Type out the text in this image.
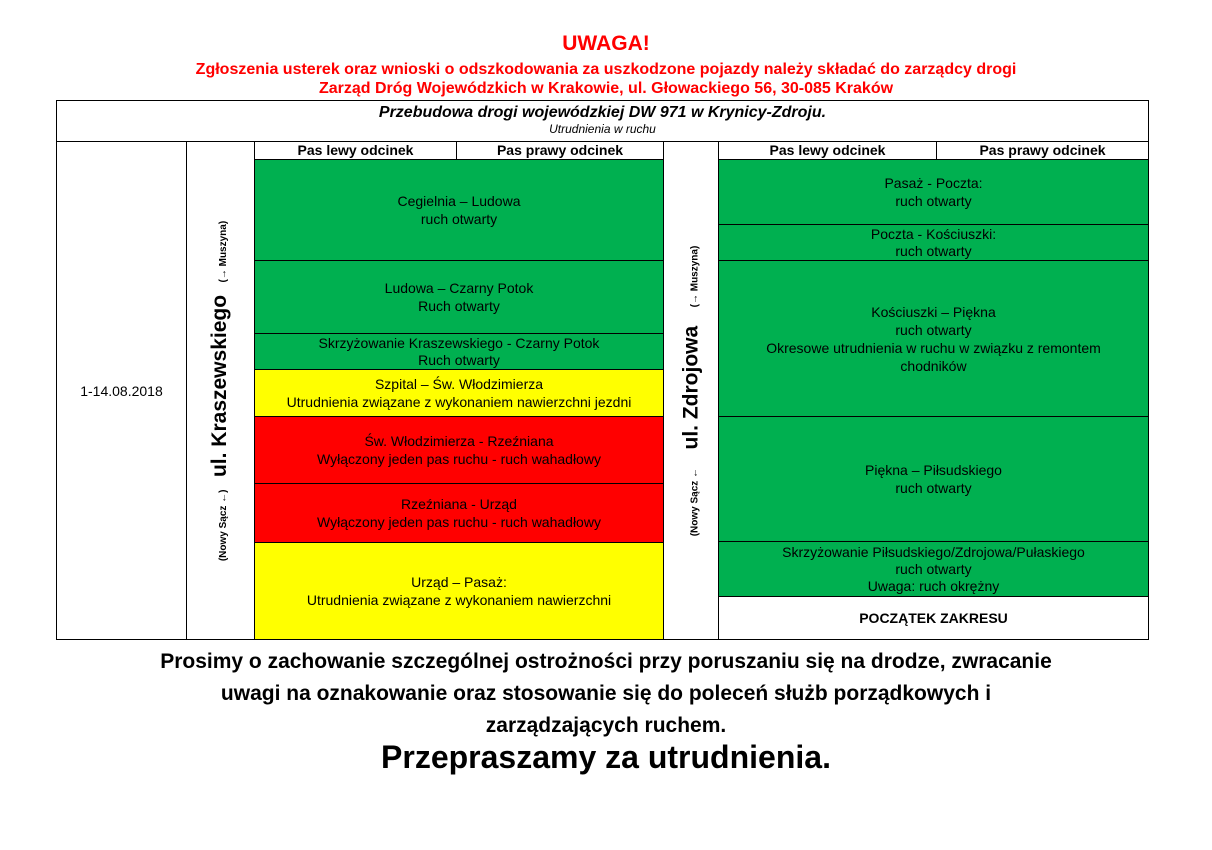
UWAGA!
Zgłoszenia usterek oraz wnioski o odszkodowania za uszkodzone pojazdy należy składać do zarządcy drogi
Zarząd Dróg Wojewódzkich w Krakowie, ul. Głowackiego 56, 30-085 Kraków
Przebudowa drogi wojewódzkiej DW 971 w Krynicy-Zdroju.
Utrudnienia w ruchu
1-14.08.2018
(Nowy Sącz ←) ul. Kraszewskiego (→ Muszyna)
Pas lewy odcinek	Pas prawy odcinek
Cegielnia – Ludowa
ruch otwarty
Ludowa – Czarny Potok
Ruch otwarty
Skrzyżowanie Kraszewskiego - Czarny Potok
Ruch otwarty
Szpital – Św. Włodzimierza
Utrudnienia związane z wykonaniem nawierzchni jezdni
Św. Włodzimierza - Rzeźniana
Wyłączony jeden pas ruchu - ruch wahadłowy
Rzeźniana - Urząd
Wyłączony jeden pas ruchu - ruch wahadłowy
Urząd – Pasaż:
Utrudnienia związane z wykonaniem nawierzchni
(Nowy Sącz ← ul. Zdrojowa (→ Muszyna)
Pas lewy odcinek	Pas prawy odcinek
Pasaż - Poczta:
ruch otwarty
Poczta - Kościuszki:
ruch otwarty
Kościuszki – Piękna
ruch otwarty
Okresowe utrudnienia w ruchu w związku z remontem
chodników
Piękna – Piłsudskiego
ruch otwarty
Skrzyżowanie Piłsudskiego/Zdrojowa/Pułaskiego
ruch otwarty
Uwaga: ruch okrężny
POCZĄTEK ZAKRESU
Prosimy o zachowanie szczególnej ostrożności przy poruszaniu się na drodze, zwracanie
uwagi na oznakowanie oraz stosowanie się do poleceń służb porządkowych i
zarządzających ruchem.
Przepraszamy za utrudnienia.
